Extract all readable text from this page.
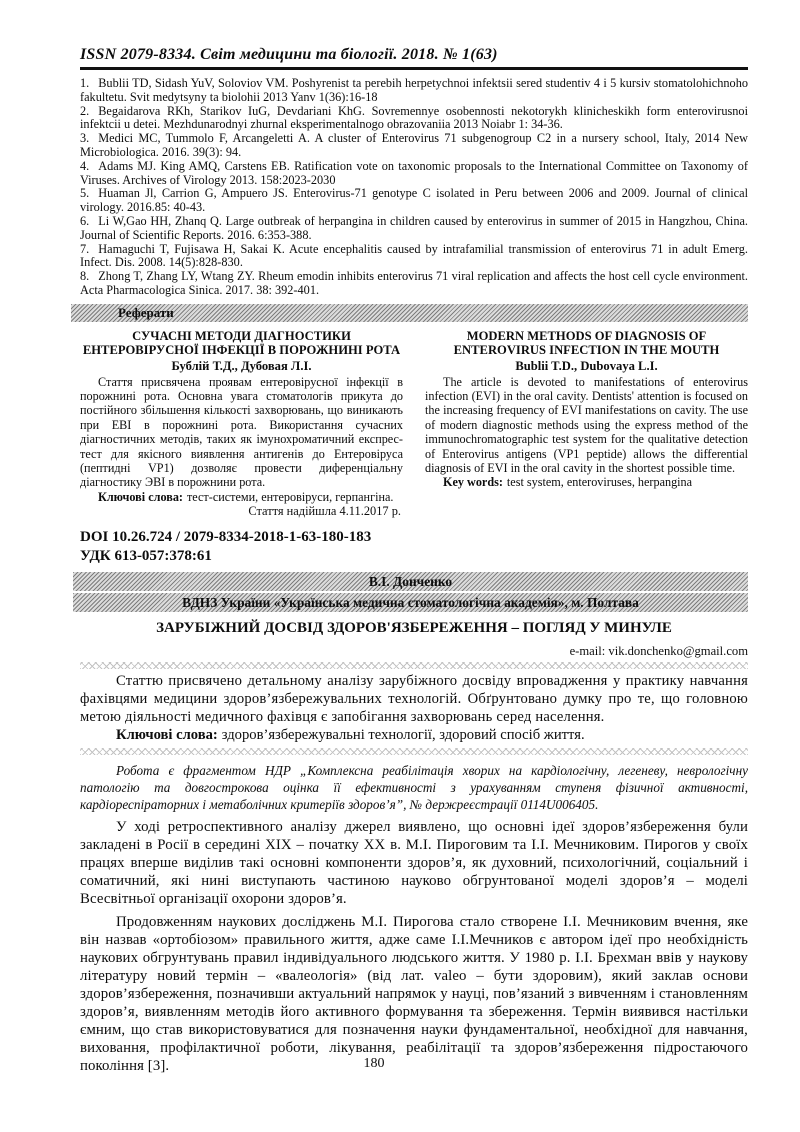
ISSN 2079-8334. Світ медицини та біології. 2018. № 1(63)

1. Bublii TD, Sidash YuV, Soloviov VM. Poshyrenist ta perebih herpetychnoi infektsii sered studentiv 4 i 5 kursiv stomatolohichnoho fakultetu. Svit medytsyny ta biolohii 2013 Yanv 1(36):16-18

2. Begaidarova RKh, Starikov IuG, Devdariani KhG. Sovremennye osobennosti nekotorykh klinicheskikh form enterovirusnoi infektcii u detei. Mezhdunarodnyi zhurnal eksperimentalnogo obrazovaniia 2013 Noiabr 1: 34-36.

3. Medici MC, Tummolo F, Arcangeletti A. A cluster of Enterovirus 71 subgenogroup C2 in a nursery school, Italy, 2014 New Microbiologica. 2016. 39(3): 94.

4. Adams MJ. King AMQ, Carstens EB. Ratification vote on taxonomic proposals to the International Committee on Taxonomy of Viruses. Archives of Virology 2013. 158:2023-2030

5. Huaman Jl, Carrion G, Ampuero JS. Enterovirus-71 genotype C isolated in Peru between 2006 and 2009. Journal of clinical virology. 2016.85: 40-43.

6. Li W,Gao HH, Zhanq Q. Large outbreak of herpangina in children caused by enterovirus in summer of 2015 in Hangzhou, China. Journal of Scientific Reports. 2016. 6:353-388.

7. Hamaguchi T, Fujisawa H, Sakai K. Acute encephalitis caused by intrafamilial transmission of enterovirus 71 in adult Emerg. Infect. Dis. 2008. 14(5):828-830.

8. Zhong T, Zhang LY, Wtang ZY. Rheum emodin inhibits enterovirus 71 viral replication and affects the host cell cycle environment. Acta Pharmacologica Sinica. 2017. 38: 392-401.

Реферати

СУЧАСНІ МЕТОДИ ДІАГНОСТИКИ ЕНТЕРОВІРУСНОЇ ІНФЕКЦІЇ В ПОРОЖНИНІ РОТА

Бублій Т.Д., Дубовая Л.І.

Стаття присвячена проявам ентеровірусної інфекції в порожнині рота. Основна увага стоматологів прикута до постійного збільшення кількості захворювань, що виникають при ЕВІ в порожнині рота. Використання сучасних діагностичних методів, таких як імунохроматичний експрес-тест для якісного виявлення антигенів до Ентеровіруса (пептидні VP1) дозволяє провести диференціальну діагностику ЭВІ в порожнини рота.

Ключові слова: тест-системи, ентеровіруси, герпангіна.

Стаття надійшла 4.11.2017 р.

MODERN METHODS OF DIAGNOSIS OF ENTEROVIRUS INFECTION IN THE MOUTH

Bublii T.D., Dubovaya L.I.

The article is devoted to manifestations of enterovirus infection (EVI) in the oral cavity. Dentists' attention is focused on the increasing frequency of EVI manifestations on cavity. The use of modern diagnostic methods using the express method of the immunochromatographic test system for the qualitative detection of Enterovirus antigens (VP1 peptide) allows the differential diagnosis of EVI in the oral cavity in the shortest possible time.

Key words: test system, enteroviruses, herpangina

DOI 10.26.724 / 2079-8334-2018-1-63-180-183

УДК 613-057:378:61

В.І. Донченко
ВДНЗ України «Українська медична стоматологічна академія», м. Полтава

ЗАРУБІЖНИЙ ДОСВІД ЗДОРОВ'ЯЗБЕРЕЖЕННЯ – ПОГЛЯД У МИНУЛЕ

e-mail: vik.donchenko@gmail.com

Статтю присвячено детальному аналізу зарубіжного досвіду впровадження у практику навчання фахівцями медицини здоров’язбережувальних технологій. Обґрунтовано думку про те, що головною метою діяльності медичного фахівця є запобігання захворювань серед населення.

Ключові слова: здоров’язбережувальні технології, здоровий спосіб життя.

Робота є фрагментом НДР „Комплексна реабілітація хворих на кардіологічну, легеневу, неврологічну патологію та довгострокова оцінка її ефективності з урахуванням ступеня фізичної активності, кардіореспіраторних і метаболічних критеріїв здоров’я”, № держреєстрації 0114U006405.

У ході ретроспективного аналізу джерел виявлено, що основні ідеї здоров’язбереження були закладені в Росії в середині XIX – початку XX в. М.І. Пироговим та І.І. Мечниковим. Пирогов у своїх працях вперше виділив такі основні компоненти здоров’я, як духовний, психологічний, соціальний і соматичний, які нині виступають частиною науково обгрунтованої моделі здоров’я – моделі Всесвітньої організації охорони здоров’я.

Продовженням наукових досліджень М.І. Пирогова стало створене І.І. Мечниковим вчення, яке він назвав «ортобіозом» правильного життя, адже саме І.І.Мечников є автором ідеї про необхідність наукових обгрунтувань правил індивідуального людського життя. У 1980 р. І.І. Брехман ввів у наукову літературу новий термін – «валеологія» (від лат. valeo – бути здоровим), який заклав основи здоров’язбереження, позначивши актуальний напрямок у науці, пов’язаний з вивченням і становленням здоров’я, виявленням методів його активного формування та збереження. Термін виявився настільки ємним, що став використовуватися для позначення науки фундаментальної, необхідної для навчання, виховання, профілактичної роботи, лікування, реабілітації та здоров’язбереження підростаючого покоління [3].	180
